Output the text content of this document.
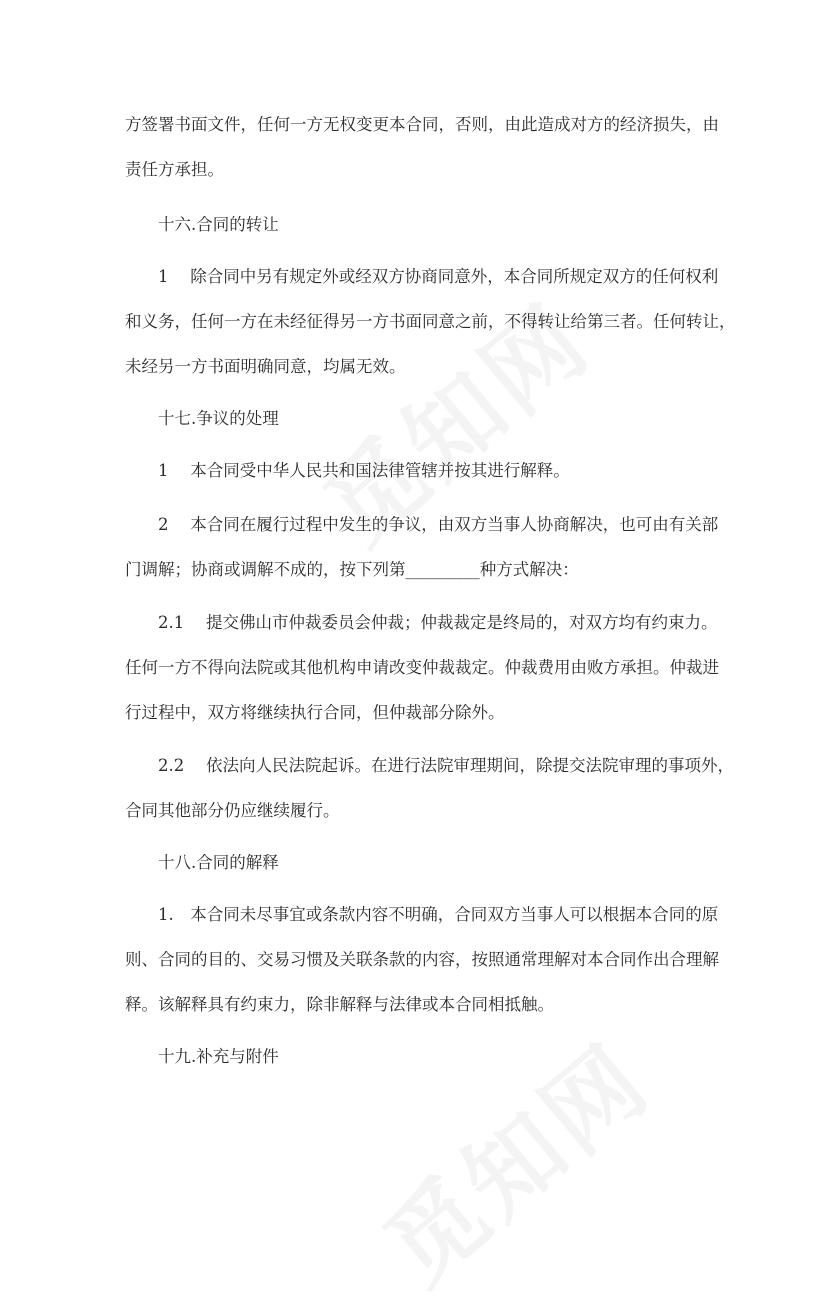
方签署书面文件，任何一方无权变更本合同，否则，由此造成对方的经济损失，由

责任方承担。

十六.合同的转让

1　 除合同中另有规定外或经双方协商同意外，本合同所规定双方的任何权利

和义务，任何一方在未经征得另一方书面同意之前，不得转让给第三者。任何转让，

未经另一方书面明确同意，均属无效。

十七.争议的处理

1　 本合同受中华人民共和国法律管辖并按其进行解释。

2　 本合同在履行过程中发生的争议，由双方当事人协商解决，也可由有关部

门调解；协商或调解不成的，按下列第_________种方式解决：

2.1　 提交佛山市仲裁委员会仲裁；仲裁裁定是终局的，对双方均有约束力。

任何一方不得向法院或其他机构申请改变仲裁裁定。仲裁费用由败方承担。仲裁进

行过程中，双方将继续执行合同，但仲裁部分除外。

2.2　 依法向人民法院起诉。在进行法院审理期间，除提交法院审理的事项外，

合同其他部分仍应继续履行。

十八.合同的解释

1.　本合同未尽事宜或条款内容不明确，合同双方当事人可以根据本合同的原

则、合同的目的、交易习惯及关联条款的内容，按照通常理解对本合同作出合理解

释。该解释具有约束力，除非解释与法律或本合同相抵触。

十九.补充与附件
